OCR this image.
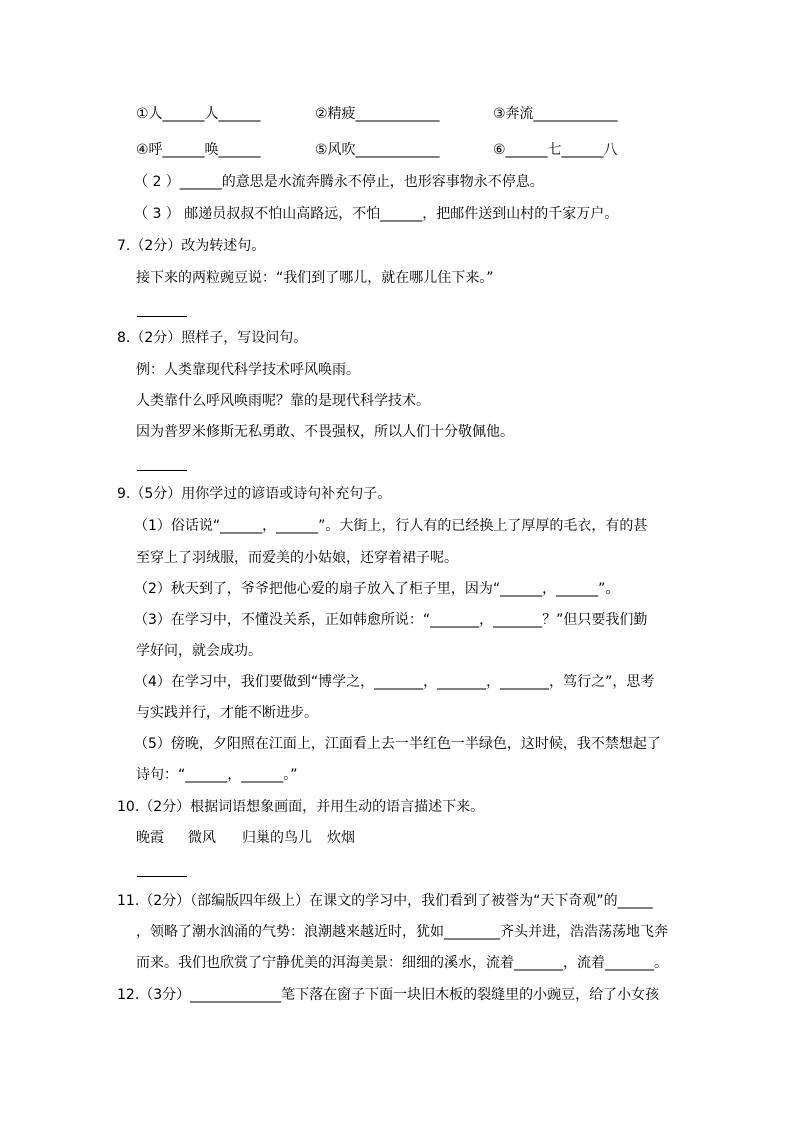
①人______人______	②精疲____________	③奔流____________
④呼______唤______	⑤风吹____________	⑥______七______八
（ 2 ）______的意思是水流奔腾永不停止，也形容事物永不停息。
（ 3 ） 邮递员叔叔不怕山高路远，不怕______，把邮件送到山村的千家万户。
7.（2分）改为转述句。
接下来的两粒豌豆说：“我们到了哪儿，就在哪儿住下来。”
8.（2分）照样子，写设问句。
例：人类靠现代科学技术呼风唤雨。
人类靠什么呼风唤雨呢？靠的是现代科学技术。
因为普罗米修斯无私勇敢、不畏强权，所以人们十分敬佩他。
9.（5分）用你学过的谚语或诗句补充句子。
（1）俗话说“______，______”。大街上，行人有的已经换上了厚厚的毛衣，有的甚
至穿上了羽绒服，而爱美的小姑娘，还穿着裙子呢。
（2）秋天到了，爷爷把他心爱的扇子放入了柜子里，因为“______，______”。
（3）在学习中，不懂没关系，正如韩愈所说：“_______，_______？”但只要我们勤
学好问，就会成功。
（4）在学习中，我们要做到“博学之，_______，_______，_______，笃行之”，思考
与实践并行，才能不断进步。
（5）傍晚，夕阳照在江面上，江面看上去一半红色一半绿色，这时候，我不禁想起了
诗句：“______，______。”
10.（2分）根据词语想象画面，并用生动的语言描述下来。
晚霞 微风 归巢的鸟儿 炊烟
11.（2分）（部编版四年级上）在课文的学习中，我们看到了被誉为“天下奇观”的_____
，领略了潮水汹涌的气势：浪潮越来越近时，犹如________齐头并进，浩浩荡荡地飞奔
而来。我们也欣赏了宁静优美的洱海美景：细细的溪水，流着_______，流着_______。
12.（3分）_____________笔下落在窗子下面一块旧木板的裂缝里的小豌豆，给了小女孩
